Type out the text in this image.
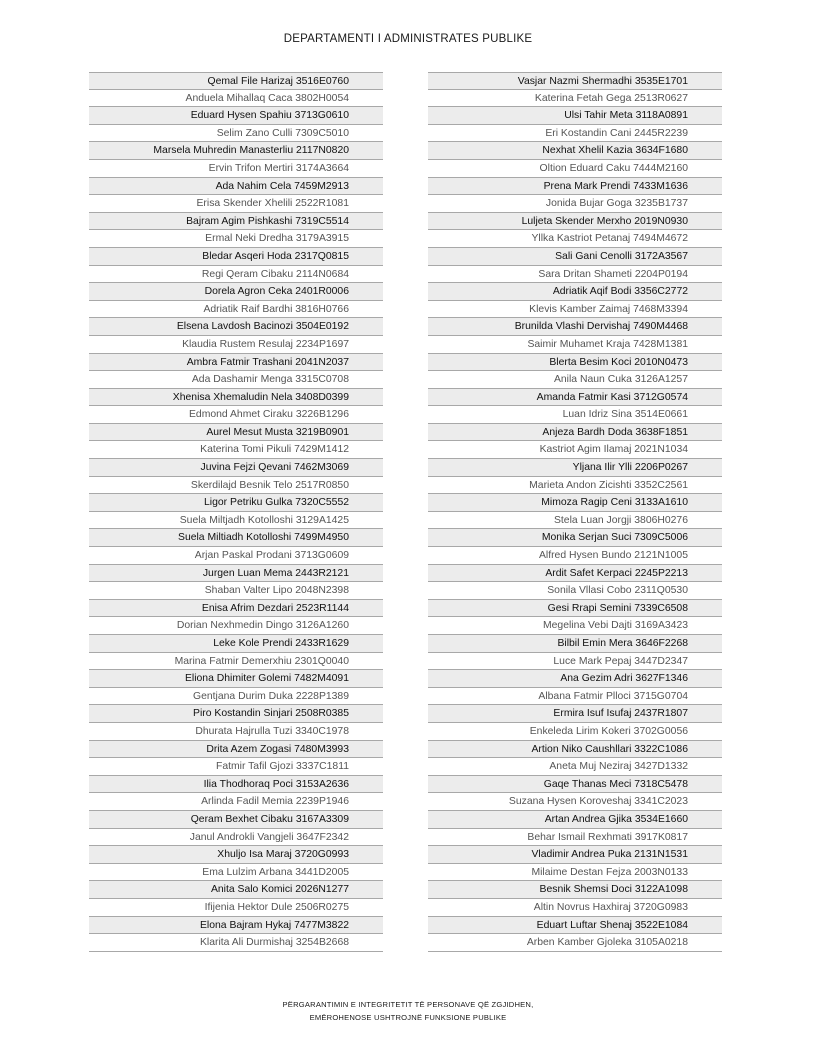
DEPARTAMENTI I ADMINISTRATES PUBLIKE
Qemal File Harizaj 3516E0760
Anduela Mihallaq Caca 3802H0054
Eduard Hysen Spahiu 3713G0610
Selim Zano Culli 7309C5010
Marsela Muhredin Manasterliu 2117N0820
Ervin Trifon Mertiri 3174A3664
Ada Nahim Cela 7459M2913
Erisa Skender Xhelili 2522R1081
Bajram Agim Pishkashi 7319C5514
Ermal Neki Dredha 3179A3915
Bledar Asqeri Hoda 2317Q0815
Regi Qeram Cibaku 2114N0684
Dorela Agron Ceka 2401R0006
Adriatik Raif Bardhi 3816H0766
Elsena Lavdosh Bacinozi 3504E0192
Klaudia Rustem Resulaj 2234P1697
Ambra Fatmir Trashani 2041N2037
Ada Dashamir Menga 3315C0708
Xhenisa Xhemaludin Nela 3408D0399
Edmond Ahmet Ciraku 3226B1296
Aurel Mesut Musta 3219B0901
Katerina Tomi Pikuli 7429M1412
Juvina Fejzi Qevani 7462M3069
Skerdilajd Besnik Telo 2517R0850
Ligor Petriku Gulka 7320C5552
Suela Miltjadh Kotolloshi 3129A1425
Suela Miltiadh Kotolloshi 7499M4950
Arjan Paskal Prodani 3713G0609
Jurgen Luan Mema 2443R2121
Shaban Valter Lipo 2048N2398
Enisa Afrim Dezdari 2523R1144
Dorian Nexhmedin Dingo 3126A1260
Leke Kole Prendi 2433R1629
Marina Fatmir Demerxhiu 2301Q0040
Eliona Dhimiter Golemi 7482M4091
Gentjana Durim Duka 2228P1389
Piro Kostandin Sinjari 2508R0385
Dhurata Hajrulla Tuzi 3340C1978
Drita Azem Zogasi 7480M3993
Fatmir Tafil Gjozi 3337C1811
Ilia Thodhoraq Poci 3153A2636
Arlinda Fadil Memia 2239P1946
Qeram Bexhet Cibaku 3167A3309
Janul Androkli Vangjeli 3647F2342
Xhuljo Isa Maraj 3720G0993
Ema Lulzim Arbana 3441D2005
Anita Salo Komici 2026N1277
Ifijenia Hektor Dule 2506R0275
Elona Bajram Hykaj 7477M3822
Klarita Ali Durmishaj 3254B2668
Vasjar Nazmi Shermadhi 3535E1701
Katerina Fetah Gega 2513R0627
Ulsi Tahir Meta 3118A0891
Eri Kostandin Cani 2445R2239
Nexhat Xhelil Kazia 3634F1680
Oltion Eduard Caku 7444M2160
Prena Mark Prendi 7433M1636
Jonida Bujar Goga 3235B1737
Luljeta Skender Merxho 2019N0930
Yllka Kastriot Petanaj 7494M4672
Sali Gani Cenolli 3172A3567
Sara Dritan Shameti 2204P0194
Adriatik Aqif Bodi 3356C2772
Klevis Kamber Zaimaj 7468M3394
Brunilda Vlashi Dervishaj 7490M4468
Saimir Muhamet Kraja 7428M1381
Blerta Besim Koci 2010N0473
Anila Naun Cuka 3126A1257
Amanda Fatmir Kasi 3712G0574
Luan Idriz Sina 3514E0661
Anjeza Bardh Doda 3638F1851
Kastriot Agim Ilamaj 2021N1034
Yljana Ilir Ylli 2206P0267
Marieta Andon Zicishti 3352C2561
Mimoza Ragip Ceni 3133A1610
Stela Luan Jorgji 3806H0276
Monika Serjan Suci 7309C5006
Alfred Hysen Bundo 2121N1005
Ardit Safet Kerpaci 2245P2213
Sonila Vllasi Cobo 2311Q0530
Gesi Rrapi Semini 7339C6508
Megelina Vebi Dajti 3169A3423
Bilbil Emin Mera 3646F2268
Luce Mark Pepaj 3447D2347
Ana Gezim Adri 3627F1346
Albana Fatmir Plloci 3715G0704
Ermira Isuf Isufaj 2437R1807
Enkeleda Lirim Kokeri 3702G0056
Artion Niko Caushllari 3322C1086
Aneta Muj Neziraj 3427D1332
Gaqe Thanas Meci 7318C5478
Suzana Hysen Koroveshaj 3341C2023
Artan Andrea Gjika 3534E1660
Behar Ismail Rexhmati 3917K0817
Vladimir Andrea Puka 2131N1531
Milaime Destan Fejza 2003N0133
Besnik Shemsi Doci 3122A1098
Altin Novrus Haxhiraj 3720G0983
Eduart Luftar Shenaj 3522E1084
Arben Kamber Gjoleka 3105A0218
PËRGARANTIMIN E INTEGRITETIT TË PERSONAVE QË ZGJIDHEN,
EMËROHENOSE USHTROJNË FUNKSIONE PUBLIKE
